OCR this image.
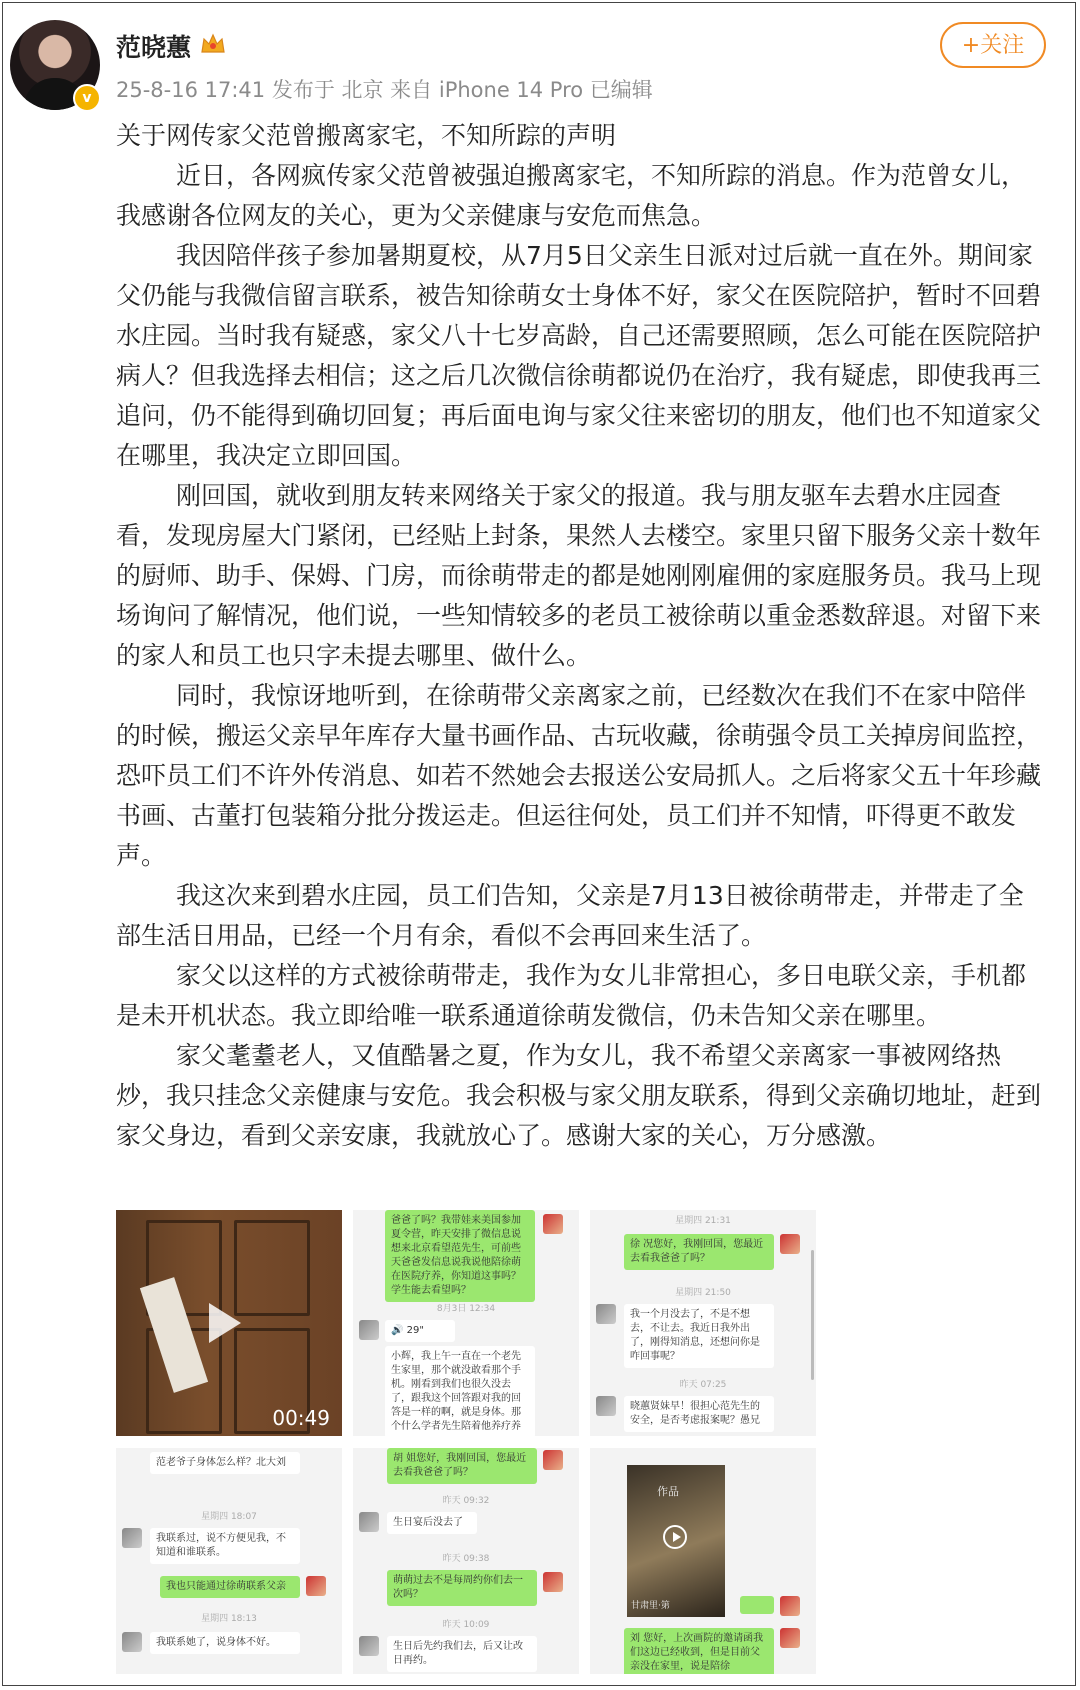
v
范晓蕙
25-8-16 17:41 发布于 北京 来自 iPhone 14 Pro 已编辑
+关注

关于网传家父范曾搬离家宅，不知所踪的声明

近日，各网疯传家父范曾被强迫搬离家宅，不知所踪的消息。作为范曾女儿，我感谢各位网友的关心，更为父亲健康与安危而焦急。

我因陪伴孩子参加暑期夏校，从7月5日父亲生日派对过后就一直在外。期间家父仍能与我微信留言联系，被告知徐萌女士身体不好，家父在医院陪护，暂时不回碧水庄园。当时我有疑惑，家父八十七岁高龄，自己还需要照顾，怎么可能在医院陪护病人？但我选择去相信；这之后几次微信徐萌都说仍在治疗，我有疑虑，即使我再三追问，仍不能得到确切回复；再后面电询与家父往来密切的朋友，他们也不知道家父在哪里，我决定立即回国。

刚回国，就收到朋友转来网络关于家父的报道。我与朋友驱车去碧水庄园查看，发现房屋大门紧闭，已经贴上封条，果然人去楼空。家里只留下服务父亲十数年的厨师、助手、保姆、门房，而徐萌带走的都是她刚刚雇佣的家庭服务员。我马上现场询问了解情况，他们说，一些知情较多的老员工被徐萌以重金悉数辞退。对留下来的家人和员工也只字未提去哪里、做什么。

同时，我惊讶地听到，在徐萌带父亲离家之前，已经数次在我们不在家中陪伴的时候，搬运父亲早年库存大量书画作品、古玩收藏，徐萌强令员工关掉房间监控，恐吓员工们不许外传消息、如若不然她会去报送公安局抓人。之后将家父五十年珍藏书画、古董打包装箱分批分拨运走。但运往何处，员工们并不知情，吓得更不敢发声。

我这次来到碧水庄园，员工们告知，父亲是7月13日被徐萌带走，并带走了全部生活日用品，已经一个月有余，看似不会再回来生活了。

家父以这样的方式被徐萌带走，我作为女儿非常担心，多日电联父亲，手机都是未开机状态。我立即给唯一联系通道徐萌发微信，仍未告知父亲在哪里。

家父耄耋老人，又值酷暑之夏，作为女儿，我不希望父亲离家一事被网络热炒，我只挂念父亲健康与安危。我会积极与家父朋友联系，得到父亲确切地址，赶到家父身边，看到父亲安康，我就放心了。感谢大家的关心，万分感激。

00:49
爸爸了吗？我带娃来美国参加夏令营，昨天安排了微信息说想来北京看望范先生，可前些天爸爸发信息说我说他陪徐萌在医院疗养，你知道这事吗？学生能去看望吗？
8月3日 12:34
🔊 29"
小辉，我上午一直在一个老先生家里，那个就没敢看那个手机。刚看到我们也很久没去了，跟我这个回答跟对我的回答是一样的啊，就是身体。那个什么学者先生陪着他养疗养
星期四 21:31
徐 况您好，我刚回国，您最近去看我爸爸了吗？
星期四 21:50
我一个月没去了，不是不想去，不让去。我近日我外出了，刚得知消息，还想问你是咋回事呢？
昨天 07:25
晓蕙贤妹早！很担心范先生的安全，是否考虑报案呢？愚兄
范老爷子身体怎么样？北大刘
星期四 18:07
我联系过，说不方便见我，不知道和谁联系。
我也只能通过徐萌联系父亲
星期四 18:13
我联系她了，说身体不好。
胡 姐您好，我刚回国，您最近去看我爸爸了吗？
昨天 09:32
生日宴后没去了
昨天 09:38
萌萌过去不是每周约你们去一次吗？
昨天 10:09
生日后先约我们去，后又让改日再约。
作品
甘肃里·第
刘 您好，上次画院的邀请函我们这边已经收到，但是目前父亲没在家里，说是陪徐
